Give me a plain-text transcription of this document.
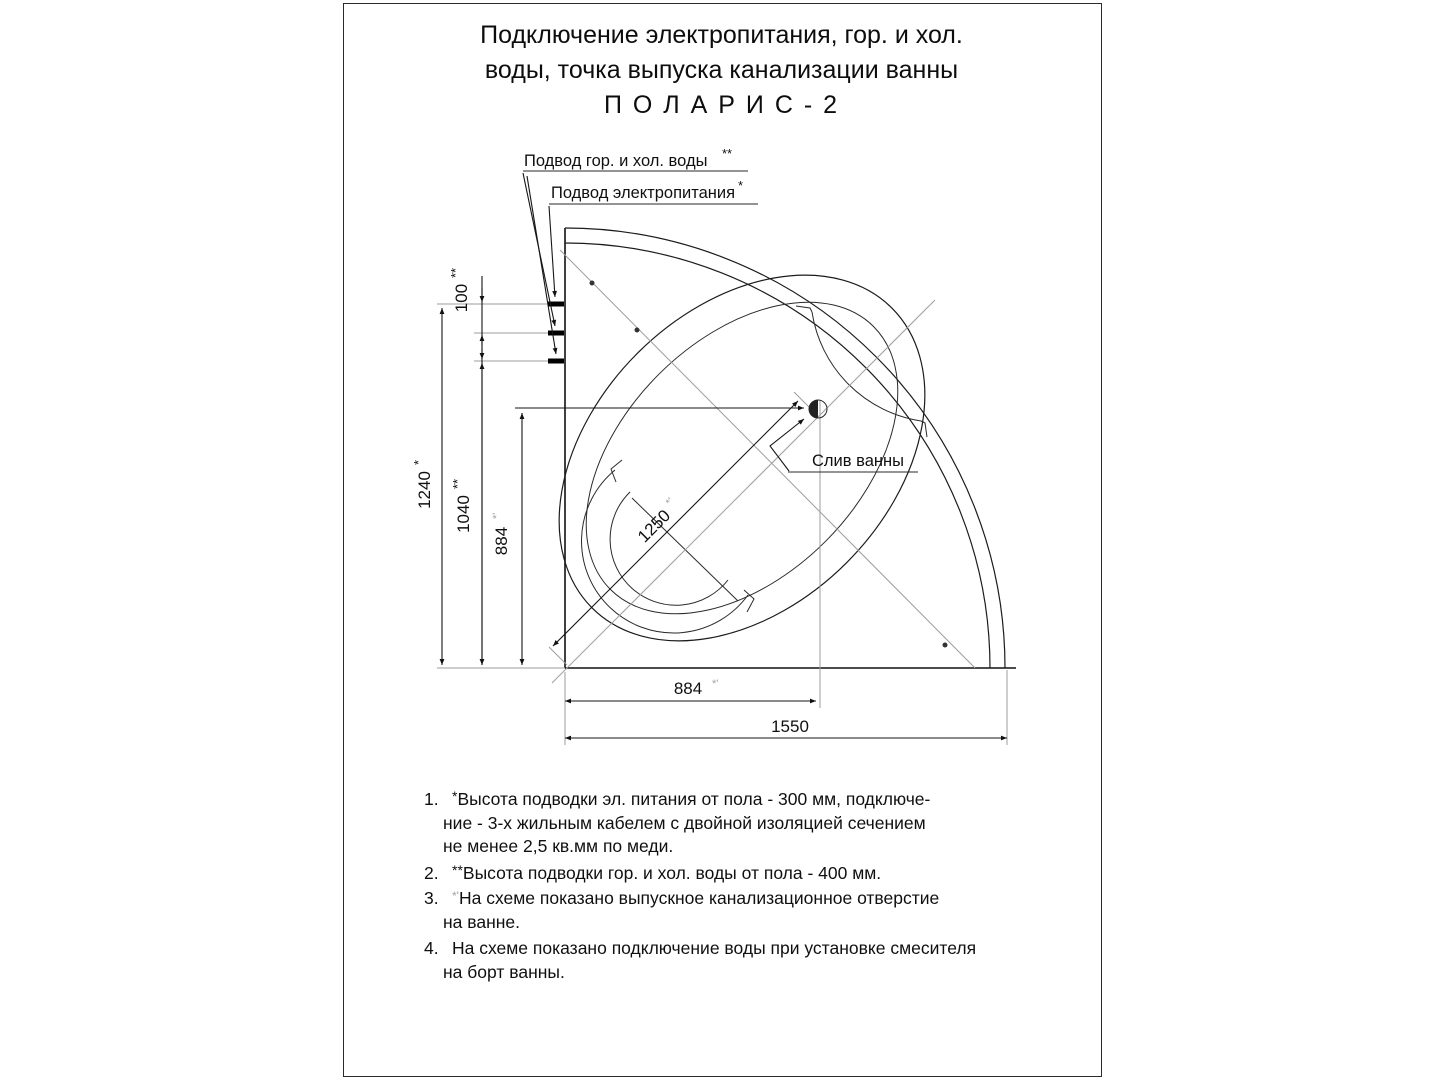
Подключение электропитания, гор. и хол.
воды, точка выпуска канализации ванны
П О Л А Р И С - 2
1240
*
1040
**
100
**
884
*'	1250
*'
884 *'
1550
Подвод гор. и хол. воды **
Подвод электропитания *
Слив ванны
1. *Высота подводки эл. питания от пола - 300 мм, подключе-
ние - 3-х жильным кабелем с двойной изоляцией сечением
не менее 2,5 кв.мм по меди.
2. **Высота подводки гор. и хол. воды от пола - 400 мм.
3. *'На схеме показано выпускное канализационное отверстие
на ванне.
4. На схеме показано подключение воды при установке смесителя
на борт ванны.
